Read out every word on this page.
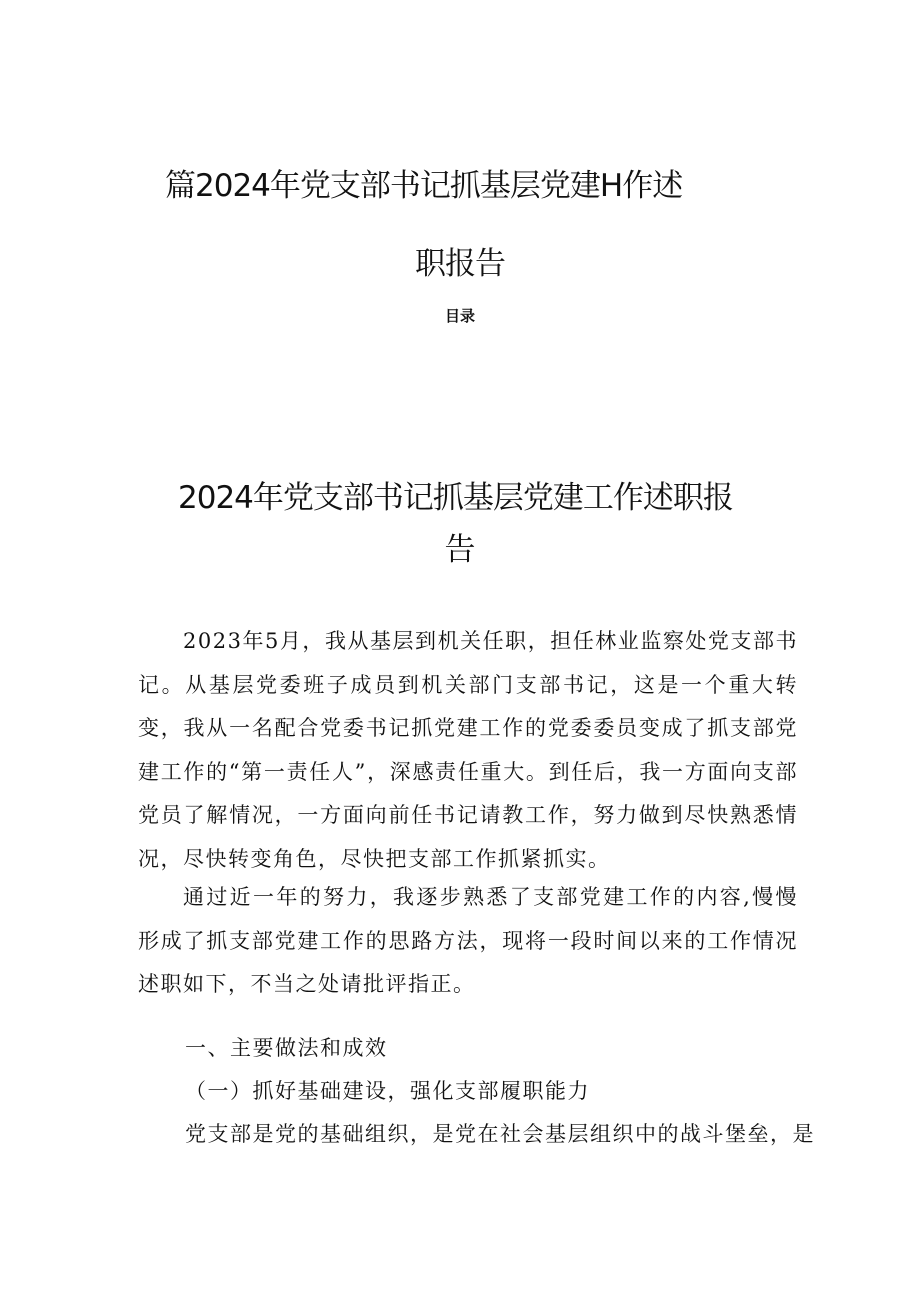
篇2024年党支部书记抓基层党建H作述
职报告
目录
2024年党支部书记抓基层党建工作述职报
告

2023年5月，我从基层到机关任职，担任林业监察处党支部书记。从基层党委班子成员到机关部门支部书记，这是一个重大转变，我从一名配合党委书记抓党建工作的党委委员变成了抓支部党建工作的“第一责任人”，深感责任重大。到任后，我一方面向支部党员了解情况，一方面向前任书记请教工作，努力做到尽快熟悉情况，尽快转变角色，尽快把支部工作抓紧抓实。

通过近一年的努力，我逐步熟悉了支部党建工作的内容,慢慢形成了抓支部党建工作的思路方法，现将一段时间以来的工作情况述职如下，不当之处请批评指正。

一、主要做法和成效
（一）抓好基础建设，强化支部履职能力
党支部是党的基础组织，是党在社会基层组织中的战斗堡垒，是
